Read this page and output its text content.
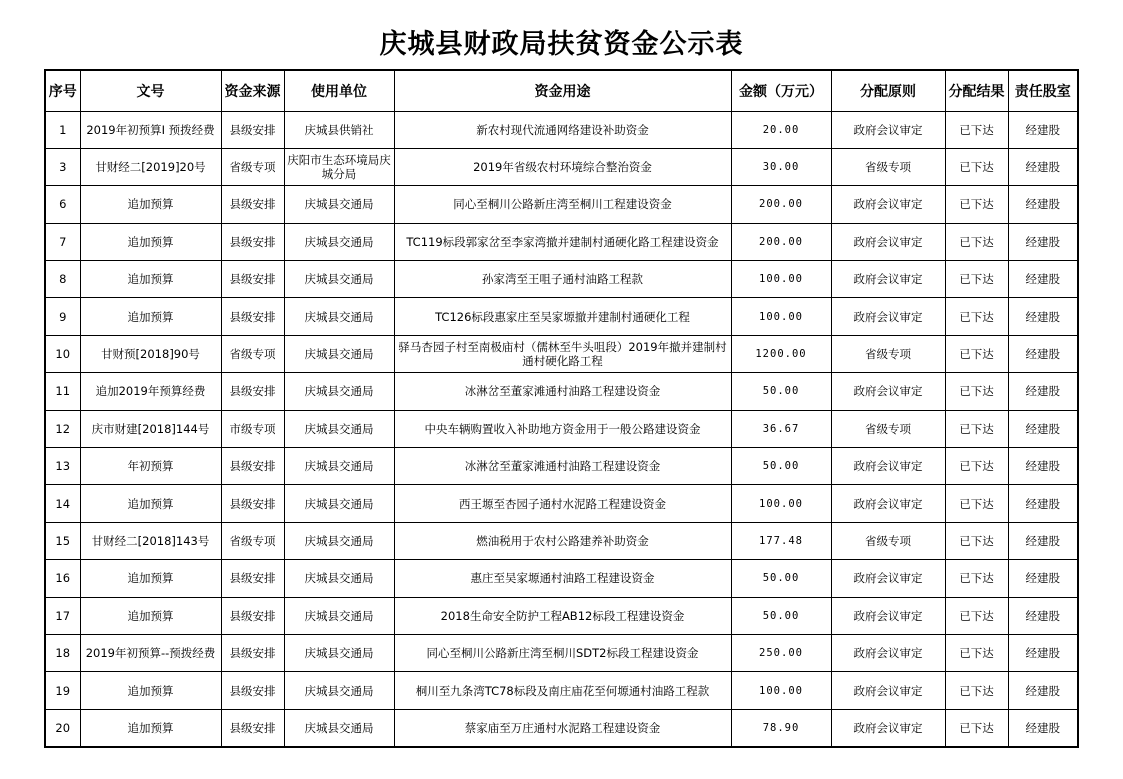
庆城县财政局扶贫资金公示表
序号	文号	资金来源	使用单位	资金用途	金额（万元）	分配原则	分配结果	责任股室
1	2019年初预算Ⅰ 预拨经费	县级安排	庆城县供销社	新农村现代流通网络建设补助资金	20.00	政府会议审定	已下达	经建股
3	甘财经二[2019]20号	省级专项	庆阳市生态环境局庆城分局	2019年省级农村环境综合整治资金	30.00	省级专项	已下达	经建股
6	追加预算	县级安排	庆城县交通局	同心至桐川公路新庄湾至桐川工程建设资金	200.00	政府会议审定	已下达	经建股
7	追加预算	县级安排	庆城县交通局	TC119标段郭家岔至李家湾撤并建制村通硬化路工程建设资金	200.00	政府会议审定	已下达	经建股
8	追加预算	县级安排	庆城县交通局	孙家湾至王咀子通村油路工程款	100.00	政府会议审定	已下达	经建股
9	追加预算	县级安排	庆城县交通局	TC126标段惠家庄至吴家塬撤并建制村通硬化工程	100.00	政府会议审定	已下达	经建股
10	甘财预[2018]90号	省级专项	庆城县交通局	驿马杏园子村至南极庙村（儒林至牛头咀段）2019年撤并建制村通村硬化路工程	1200.00	省级专项	已下达	经建股
11	追加2019年预算经费	县级安排	庆城县交通局	冰淋岔至董家滩通村油路工程建设资金	50.00	政府会议审定	已下达	经建股
12	庆市财建[2018]144号	市级专项	庆城县交通局	中央车辆购置收入补助地方资金用于一般公路建设资金	36.67	省级专项	已下达	经建股
13	年初预算	县级安排	庆城县交通局	冰淋岔至董家滩通村油路工程建设资金	50.00	政府会议审定	已下达	经建股
14	追加预算	县级安排	庆城县交通局	西王塬至杏园子通村水泥路工程建设资金	100.00	政府会议审定	已下达	经建股
15	甘财经二[2018]143号	省级专项	庆城县交通局	燃油税用于农村公路建养补助资金	177.48	省级专项	已下达	经建股
16	追加预算	县级安排	庆城县交通局	惠庄至吴家塬通村油路工程建设资金	50.00	政府会议审定	已下达	经建股
17	追加预算	县级安排	庆城县交通局	2018生命安全防护工程AB12标段工程建设资金	50.00	政府会议审定	已下达	经建股
18	2019年初预算--预拨经费	县级安排	庆城县交通局	同心至桐川公路新庄湾至桐川SDT2标段工程建设资金	250.00	政府会议审定	已下达	经建股
19	追加预算	县级安排	庆城县交通局	桐川至九条湾TC78标段及南庄庙花至何塬通村油路工程款	100.00	政府会议审定	已下达	经建股
20	追加预算	县级安排	庆城县交通局	蔡家庙至万庄通村水泥路工程建设资金	78.90	政府会议审定	已下达	经建股
